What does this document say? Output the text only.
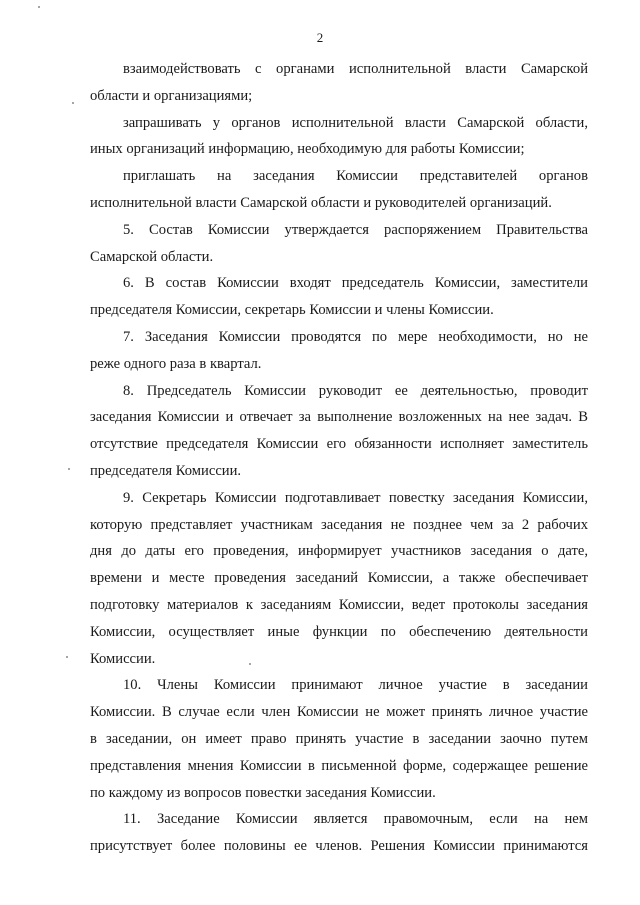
2

взаимодействовать с органами исполнительной власти Самарской
области и организациями;

запрашивать у органов исполнительной власти Самарской области,
иных организаций информацию, необходимую для работы Комиссии;

приглашать на заседания Комиссии представителей органов
исполнительной власти Самарской области и руководителей организаций.

5. Состав Комиссии утверждается распоряжением Правительства
Самарской области.

6. В состав Комиссии входят председатель Комиссии, заместители
председателя Комиссии, секретарь Комиссии и члены Комиссии.

7. Заседания Комиссии проводятся по мере необходимости, но не
реже одного раза в квартал.

8. Председатель Комиссии руководит ее деятельностью, проводит
заседания Комиссии и отвечает за выполнение возложенных на нее задач. В
отсутствие председателя Комиссии его обязанности исполняет заместитель
председателя Комиссии.

9. Секретарь Комиссии подготавливает повестку заседания Комиссии,
которую представляет участникам заседания не позднее чем за 2 рабочих
дня до даты его проведения, информирует участников заседания о дате,
времени и месте проведения заседаний Комиссии, а также обеспечивает
подготовку материалов к заседаниям Комиссии, ведет протоколы заседания
Комиссии, осуществляет иные функции по обеспечению деятельности
Комиссии.

10. Члены Комиссии принимают личное участие в заседании
Комиссии. В случае если член Комиссии не может принять личное участие
в заседании, он имеет право принять участие в заседании заочно путем
представления мнения Комиссии в письменной форме, содержащее решение
по каждому из вопросов повестки заседания Комиссии.

11. Заседание Комиссии является правомочным, если на нем
присутствует более половины ее членов. Решения Комиссии принимаются
